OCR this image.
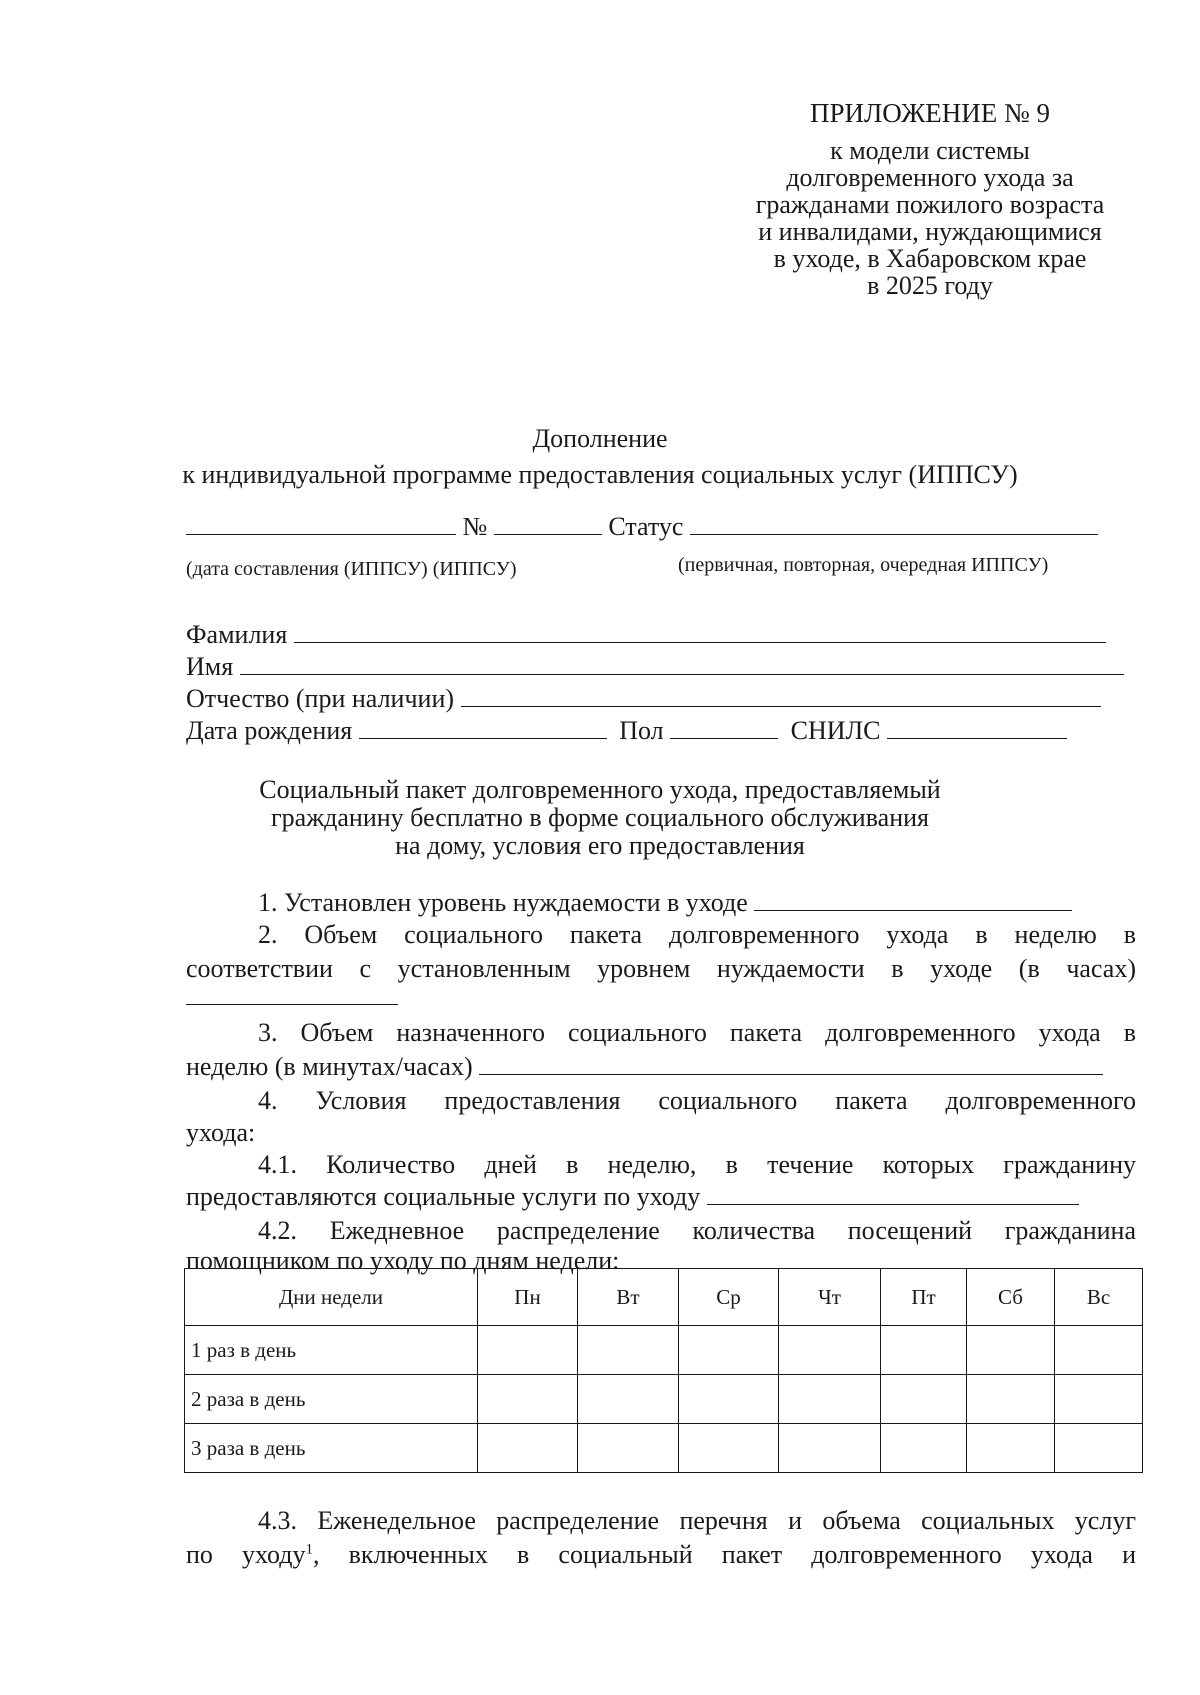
ПРИЛОЖЕНИЕ № 9
к модели системы
долговременного ухода за
гражданами пожилого возраста
и инвалидами, нуждающимися
в уходе, в Хабаровском крае
в 2025 году
Дополнение
к индивидуальной программе предоставления социальных услуг (ИППСУ)
№	Статус
(дата составления (ИППСУ) (ИППСУ)	(первичная, повторная, очередная ИППСУ)
Фамилия
Имя
Отчество (при наличии)
Дата рождения	Пол	СНИЛС
Социальный пакет долговременного ухода, предоставляемый
гражданину бесплатно в форме социального обслуживания
на дому, условия его предоставления
1. Установлен уровень нуждаемости в уходе
2. Объем социального пакета долговременного ухода в неделю в
соответствии с установленным уровнем нуждаемости в уходе (в часах)
3. Объем назначенного социального пакета долговременного ухода в
неделю (в минутах/часах)
4. Условия предоставления социального пакета долговременного
ухода:
4.1. Количество дней в неделю, в течение которых гражданину
предоставляются социальные услуги по уходу
4.2. Ежедневное распределение количества посещений гражданина
помощником по уходу по дням недели:
Дни недели	Пн	Вт	Ср	Чт	Пт	Сб	Вс
1 раз в день							
2 раза в день							
3 раза в день							
4.3. Еженедельное распределение перечня и объема социальных услуг
по уходу$^1$, включенных в социальный пакет долговременного ухода и
